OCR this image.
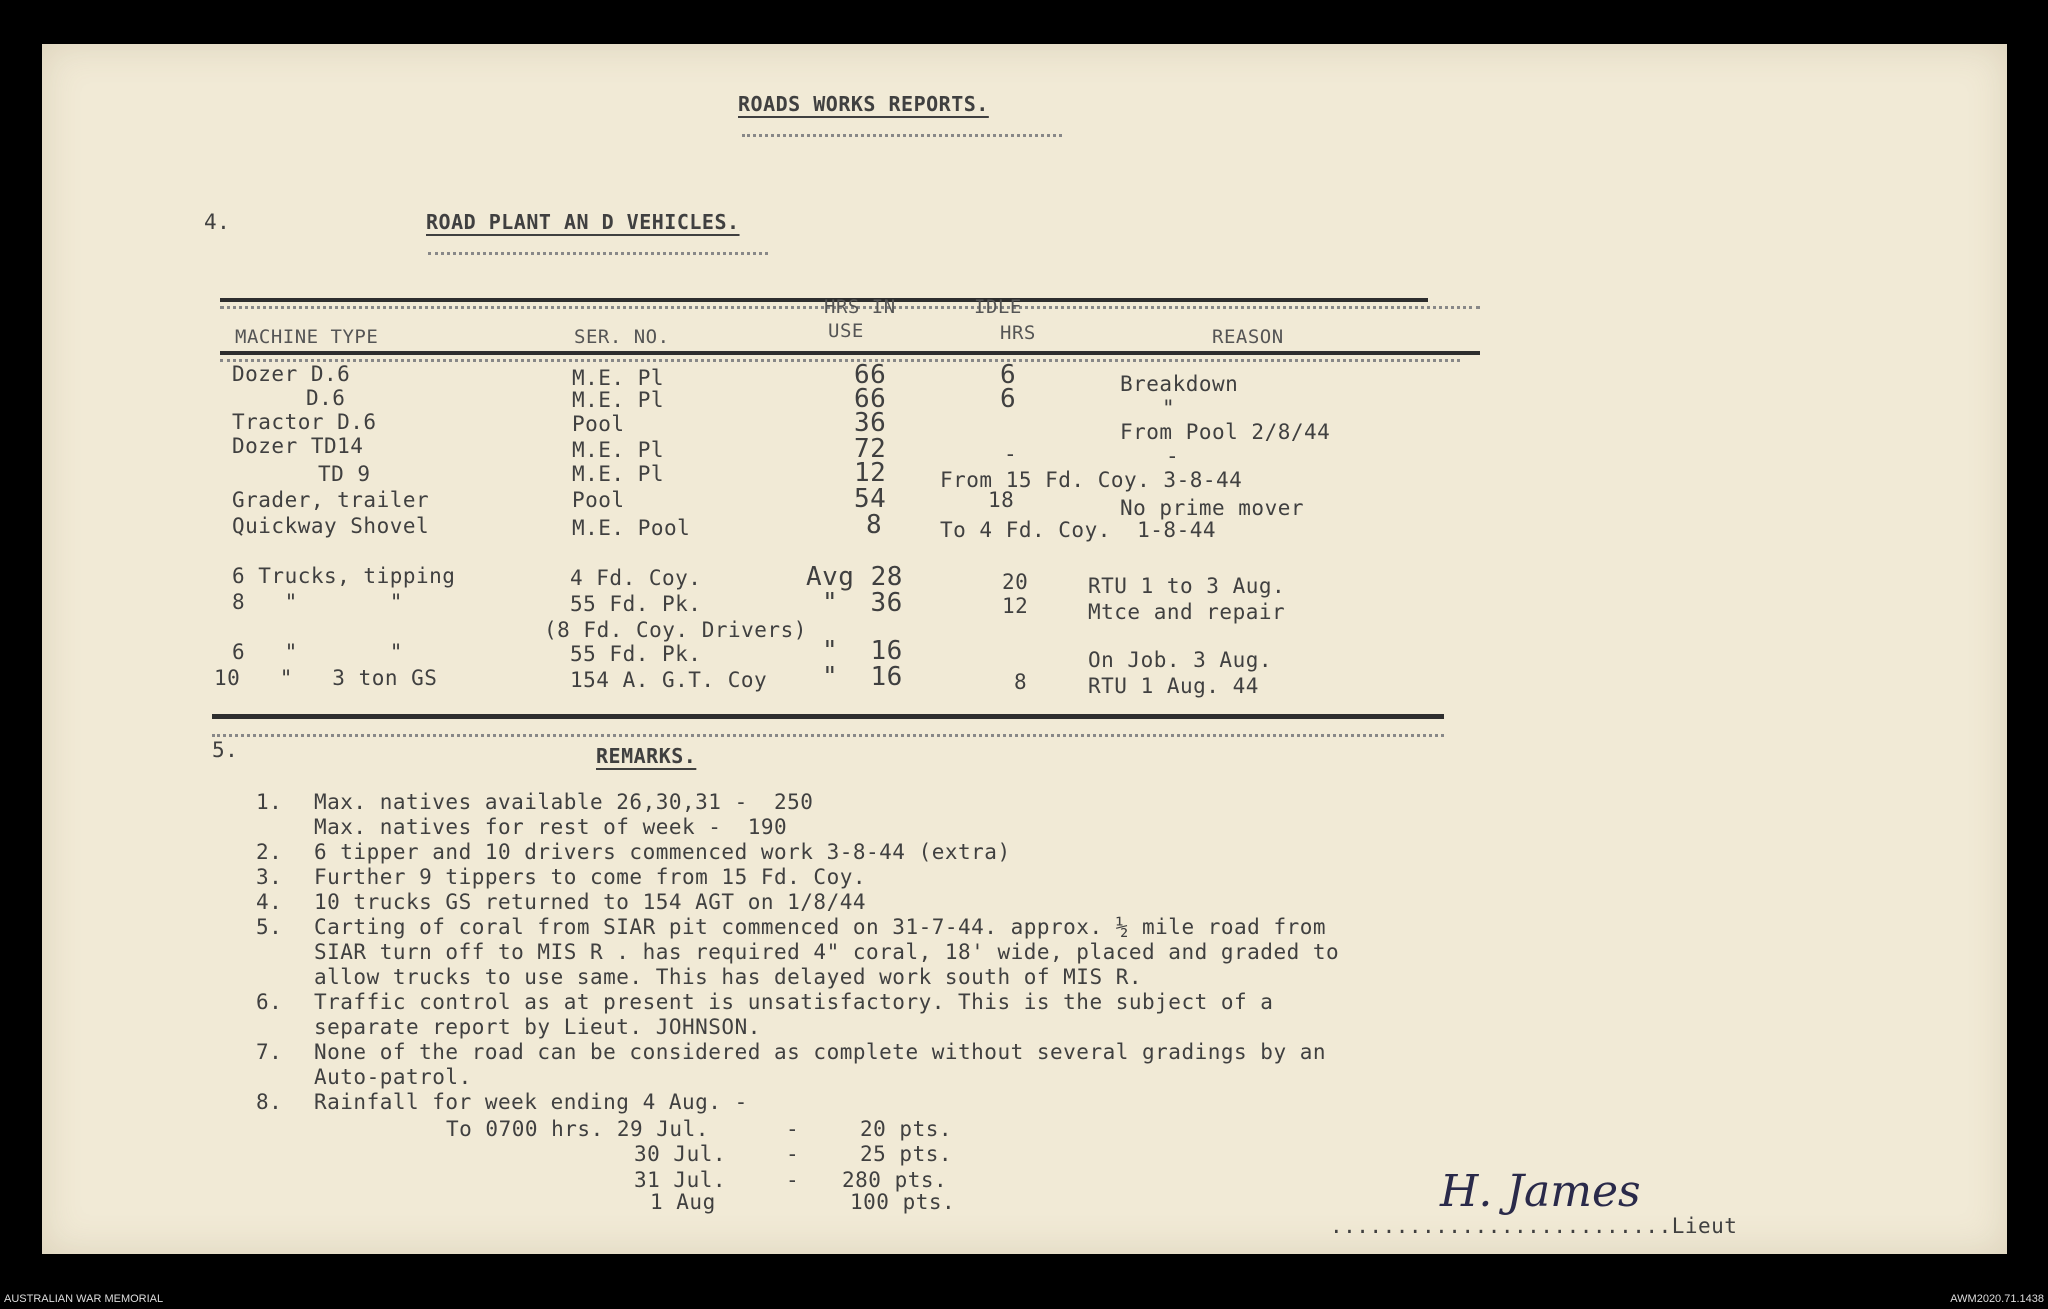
ROADS WORKS REPORTS.
4.	ROAD PLANT AN D VEHICLES.
MACHINE TYPE	SER. NO.
HRS IN
USE
IDLE
HRS	REASON
Dozer D.6	M.E. Pl	66	6	Breakdown
D.6	M.E. Pl	66	6	"
Tractor D.6	Pool	36	From Pool 2/8/44
Dozer TD14	M.E. Pl	72	-	-
TD 9	M.E. Pl	12	From 15 Fd. Coy. 3-8-44
Grader, trailer	Pool	54	18	No prime mover
Quickway Shovel	M.E. Pool	8	To 4 Fd. Coy.  1-8-44
6 Trucks, tipping	4 Fd. Coy.	Avg 28	20	RTU 1 to 3 Aug.
8   "       "	55 Fd. Pk.	"  36	12	Mtce and repair
(8 Fd. Coy. Drivers)
6   "       "	55 Fd. Pk.	"  16	On Job. 3 Aug.
10   "   3 ton GS	154 A. G.T. Coy "  16	8	RTU 1 Aug. 44
5.	REMARKS.
1. Max. natives available 26,30,31 -  250
Max. natives for rest of week -  190
2. 6 tipper and 10 drivers commenced work 3-8-44 (extra)
3. Further 9 tippers to come from 15 Fd. Coy.
4. 10 trucks GS returned to 154 AGT on 1/8/44
5. Carting of coral from SIAR pit commenced on 31-7-44. approx. ½ mile road from
SIAR turn off to MIS R . has required 4" coral, 18' wide, placed and graded to
allow trucks to use same. This has delayed work south of MIS R.
6. Traffic control as at present is unsatisfactory. This is the subject of a
separate report by Lieut. JOHNSON.
7. None of the road can be considered as complete without several gradings by an
Auto-patrol.
8. Rainfall for week ending 4 Aug. -
To 0700 hrs. 29 Jul.	-	20 pts.
30 Jul.	-	25 pts.
31 Jul.	- 280 pts.
1 Aug	100 pts.	H. James
..........................Lieut
AUSTRALIAN WAR MEMORIAL	AWM2020.71.1438
